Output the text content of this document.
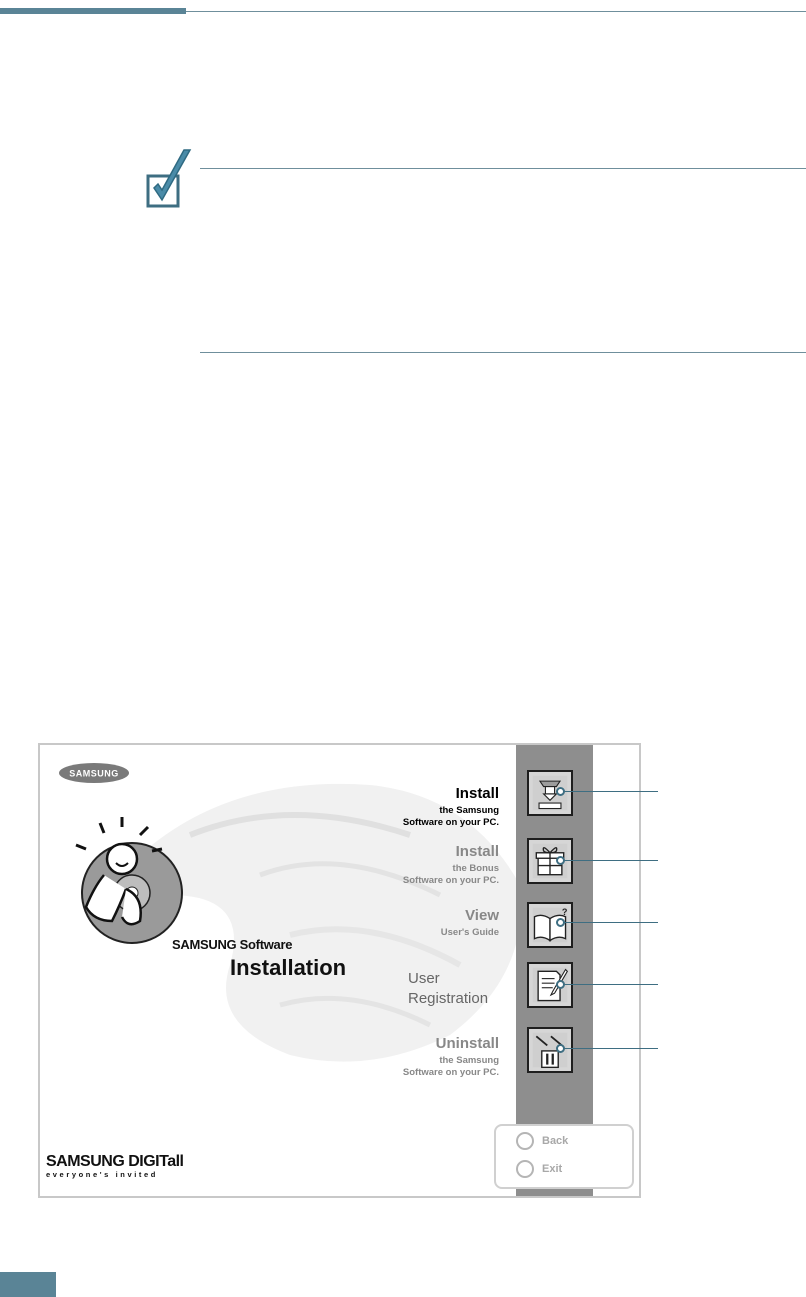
SAMSUNG
SAMSUNG Software
Installation
SAMSUNG DIGITall
everyone's invited
Install
the Samsung
Software on your PC.
Install
the Bonus
Software on your PC.
View
User's Guide
?
User
Registration
Uninstall
the Samsung
Software on your PC.
Back
Exit
